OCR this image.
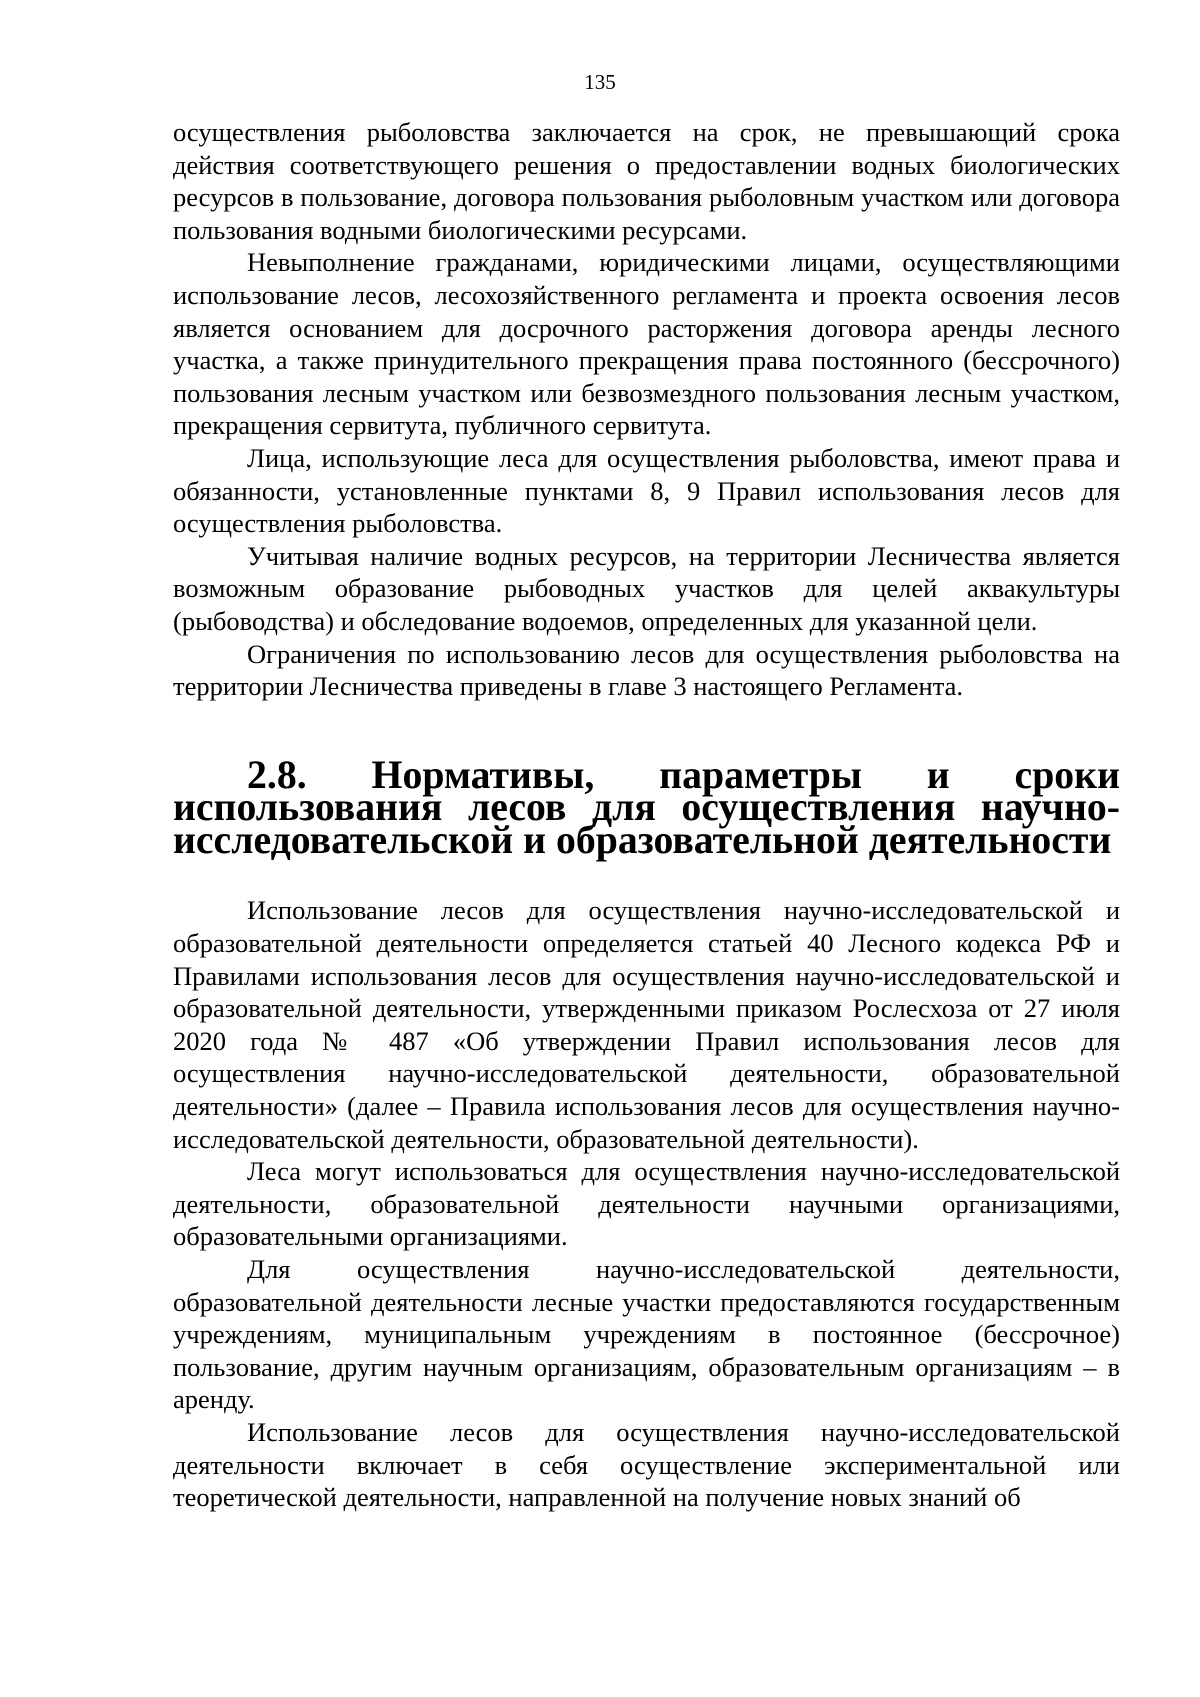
135

осуществления рыболовства заключается на срок, не превышающий срока действия соответствующего решения о предоставлении водных биологических ресурсов в пользование, договора пользования рыболовным участком или договора пользования водными биологическими ресурсами.

Невыполнение гражданами, юридическими лицами, осуществляющими использование лесов, лесохозяйственного регламента и проекта освоения лесов является основанием для досрочного расторжения договора аренды лесного участка, а также принудительного прекращения права постоянного (бессрочного) пользования лесным участком или безвозмездного пользования лесным участком, прекращения сервитута, публичного сервитута.

Лица, использующие леса для осуществления рыболовства, имеют права и обязанности, установленные пунктами 8, 9 Правил использования лесов для осуществления рыболовства.

Учитывая наличие водных ресурсов, на территории Лесничества является возможным образование рыбоводных участков для целей аквакультуры (рыбоводства) и обследование водоемов, определенных для указанной цели.

Ограничения по использованию лесов для осуществления рыболовства на территории Лесничества приведены в главе 3 настоящего Регламента.

2.8. Нормативы, параметры и сроки использования лесов для осуществления научно-исследовательской и образовательной деятельности

Использование лесов для осуществления научно-исследовательской и образовательной деятельности определяется статьей 40 Лесного кодекса РФ и Правилами использования лесов для осуществления научно-исследовательской и образовательной деятельности, утвержденными приказом Рослесхоза от 27 июля 2020 года № 487 «Об утверждении Правил использования лесов для осуществления научно-исследовательской деятельности, образовательной деятельности» (далее – Правила использования лесов для осуществления научно-исследовательской деятельности, образовательной деятельности).

Леса могут использоваться для осуществления научно-исследовательской деятельности, образовательной деятельности научными организациями, образовательными организациями.

Для осуществления научно-исследовательской деятельности, образовательной деятельности лесные участки предоставляются государственным учреждениям, муниципальным учреждениям в постоянное (бессрочное) пользование, другим научным организациям, образовательным организациям – в аренду.

Использование лесов для осуществления научно-исследовательской деятельности включает в себя осуществление экспериментальной или теоретической деятельности, направленной на получение новых знаний об
